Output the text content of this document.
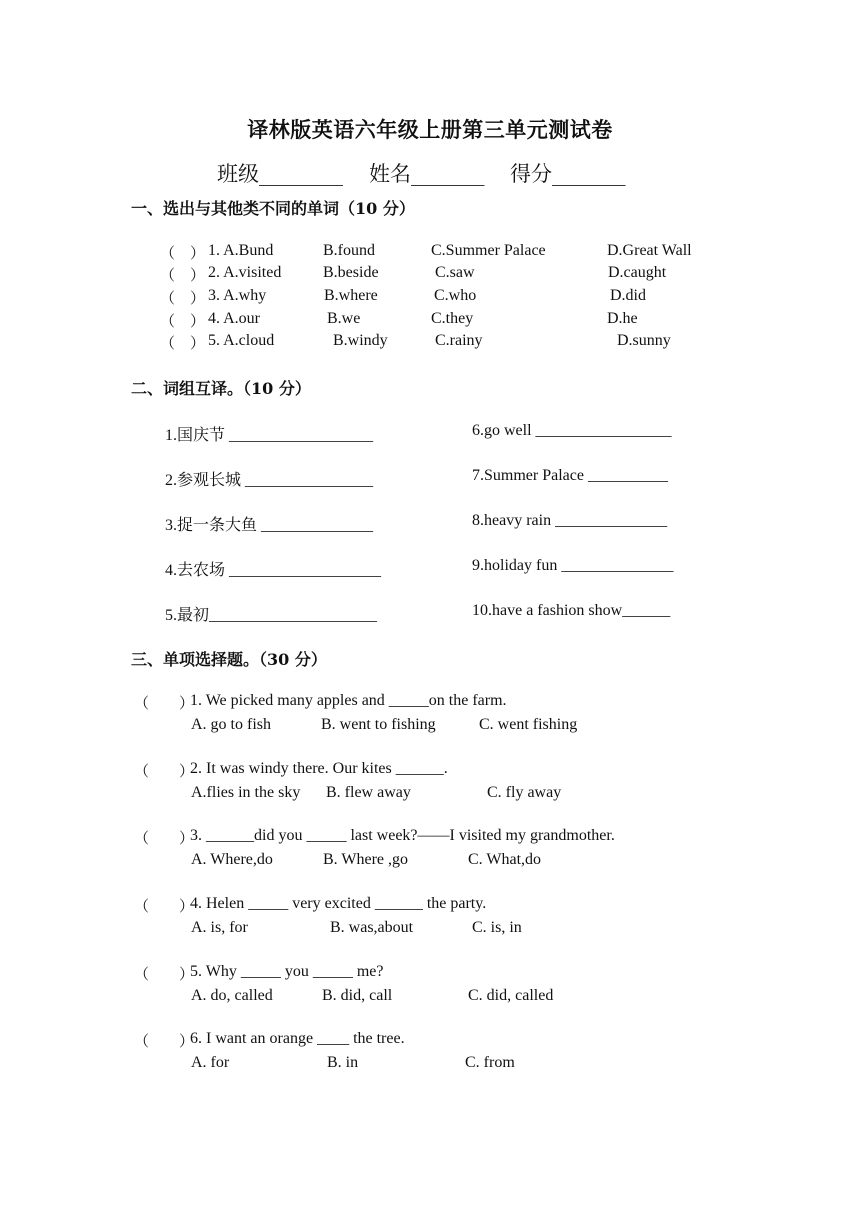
译林版英语六年级上册第三单元测试卷
班级________ 姓名_______ 得分_______
一、选出与其他类不同的单词（10 分）
（　） 1. A.Bund	B.found	C.Summer Palace	D.Great Wall
（　） 2. A.visited	B.beside	C.saw	D.caught
（　） 3. A.why	B.where	C.who	D.did
（　） 4. A.our	B.we	C.they	D.he
（　） 5. A.cloud	B.windy	C.rainy	D.sunny
二、词组互译。（10 分）
1.国庆节 __________________
2.参观长城 ________________
3.捉一条大鱼 ______________
4.去农场 ___________________
5.最初_____________________
6.go well _________________
7.Summer Palace __________
8.heavy rain ______________
9.holiday fun ______________
10.have a fashion show______
三、单项选择题。（30 分）
（　　）
1. We picked many apples and _____on the farm.
A. go to fish	B. went to fishing	C. went fishing
（　　）
2. It was windy there. Our kites ______.
A.flies in the sky B. flew away	C. fly away
（　　）
3. ______did you _____ last week?——I visited my grandmother.
A. Where,do	B. Where ,go	C. What,do
（　　）
4. Helen _____ very excited ______ the party.
A. is, for	B. was,about	C. is, in
（　　）
5. Why _____ you _____ me?
A. do, called	B. did, call	C. did, called
（　　）
6. I want an orange ____ the tree.
A. for	B. in	C. from
